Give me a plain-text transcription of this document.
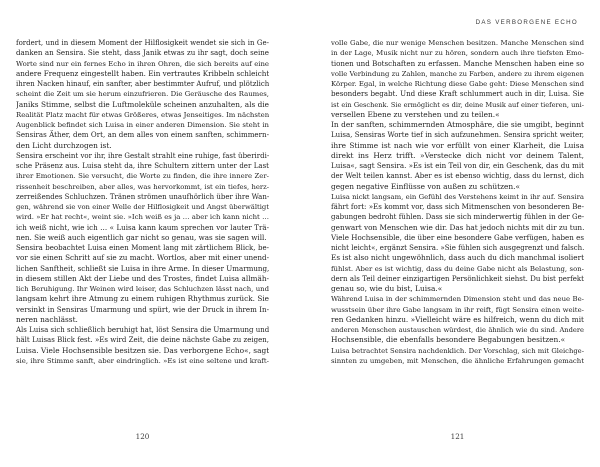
DAS VERBORGENE ECHO
fordert, und in diesem Moment der Hilflosigkeit wendet sie sich in Ge-
danken an Sensira. Sie steht, dass Janik etwas zu ihr sagt, doch seine
Worte sind nur ein fernes Echo in ihren Ohren, die sich bereits auf eine
andere Frequenz eingestellt haben. Ein vertrautes Kribbeln schleicht
ihren Nacken hinauf, ein sanfter, aber bestimmter Aufruf, und plötzlich
scheint die Zeit um sie herum einzufrieren. Die Geräusche des Raumes,
Janiks Stimme, selbst die Luftmoleküle scheinen anzuhalten, als die
Realität Platz macht für etwas Größeres, etwas Jenseitiges. Im nächsten
Augenblick befindet sich Luisa in einer anderen Dimension. Sie steht in
Sensiras Äther, dem Ort, an dem alles von einem sanften, schimmern-
den Licht durchzogen ist.
Sensira erscheint vor ihr, ihre Gestalt strahlt eine ruhige, fast überirdi-
sche Präsenz aus. Luisa steht da, ihre Schultern zittern unter der Last
ihrer Emotionen. Sie versucht, die Worte zu finden, die ihre innere Zer-
rissenheit beschreiben, aber alles, was hervorkommt, ist ein tiefes, herz-
zerreißendes Schluchzen. Tränen strömen unaufhörlich über ihre Wan-
gen, während sie von einer Welle der Hilflosigkeit und Angst überwältigt
wird. »Er hat recht«, weint sie. »Ich weiß es ja … aber ich kann nicht …
ich weiß nicht, wie ich … « Luisa kann kaum sprechen vor lauter Trä-
nen. Sie weiß auch eigentlich gar nicht so genau, was sie sagen will.
Sensira beobachtet Luisa einen Moment lang mit zärtlichem Blick, be-
vor sie einen Schritt auf sie zu macht. Wortlos, aber mit einer unend-
lichen Sanftheit, schließt sie Luisa in ihre Arme. In dieser Umarmung,
in diesem stillen Akt der Liebe und des Trostes, findet Luisa allmäh-
lich Beruhigung. Ihr Weinen wird leiser, das Schluchzen lässt nach, und
langsam kehrt ihre Atmung zu einem ruhigen Rhythmus zurück. Sie
versinkt in Sensiras Umarmung und spürt, wie der Druck in ihrem In-
neren nachlässt.
Als Luisa sich schließlich beruhigt hat, löst Sensira die Umarmung und
hält Luisas Blick fest. »Es wird Zeit, die deine nächste Gabe zu zeigen,
Luisa. Viele Hochsensible besitzen sie. Das verborgene Echo«, sagt
sie, ihre Stimme sanft, aber eindringlich. »Es ist eine seltene und kraft-
volle Gabe, die nur wenige Menschen besitzen. Manche Menschen sind
in der Lage, Musik nicht nur zu hören, sondern auch ihre tiefsten Emo-
tionen und Botschaften zu erfassen. Manche Menschen haben eine so
volle Verbindung zu Zahlen, manche zu Farben, andere zu ihrem eigenen
Körper. Egal, in welche Richtung diese Gabe geht: Diese Menschen sind
besonders begabt. Und diese Kraft schlummert auch in dir, Luisa. Sie
ist ein Geschenk. Sie ermöglicht es dir, deine Musik auf einer tieferen, uni-
versellen Ebene zu verstehen und zu teilen.«
In der sanften, schimmernden Atmosphäre, die sie umgibt, beginnt
Luisa, Sensiras Worte tief in sich aufzunehmen. Sensira spricht weiter,
ihre Stimme ist nach wie vor erfüllt von einer Klarheit, die Luisa
direkt ins Herz trifft. »Verstecke dich nicht vor deinem Talent,
Luisa«, sagt Sensira. »Es ist ein Teil von dir, ein Geschenk, das du mit
der Welt teilen kannst. Aber es ist ebenso wichtig, dass du lernst, dich
gegen negative Einflüsse von außen zu schützen.«
Luisa nickt langsam, ein Gefühl des Verstehens keimt in ihr auf. Sensira
fährt fort: »Es kommt vor, dass sich Mitmenschen von besonderen Be-
gabungen bedroht fühlen. Dass sie sich minderwertig fühlen in der Ge-
genwart von Menschen wie dir. Das hat jedoch nichts mit dir zu tun.
Viele Hochsensible, die über eine besondere Gabe verfügen, haben es
nicht leicht«, ergänzt Sensira. »Sie fühlen sich ausgegrenzt und falsch.
Es ist also nicht ungewöhnlich, dass auch du dich manchmal isoliert
fühlst. Aber es ist wichtig, dass du deine Gabe nicht als Belastung, son-
dern als Teil deiner einzigartigen Persönlichkeit siehst. Du bist perfekt
genau so, wie du bist, Luisa.«
Während Luisa in der schimmernden Dimension steht und das neue Be-
wusstsein über ihre Gabe langsam in ihr reift, fügt Sensira einen weite-
ren Gedanken hinzu. »Vielleicht wäre es hilfreich, wenn du dich mit
anderen Menschen austauschen würdest, die ähnlich wie du sind. Andere
Hochsensible, die ebenfalls besondere Begabungen besitzen.«
Luisa betrachtet Sensira nachdenklich. Der Vorschlag, sich mit Gleichge-
sinnten zu umgeben, mit Menschen, die ähnliche Erfahrungen gemacht
120	121
